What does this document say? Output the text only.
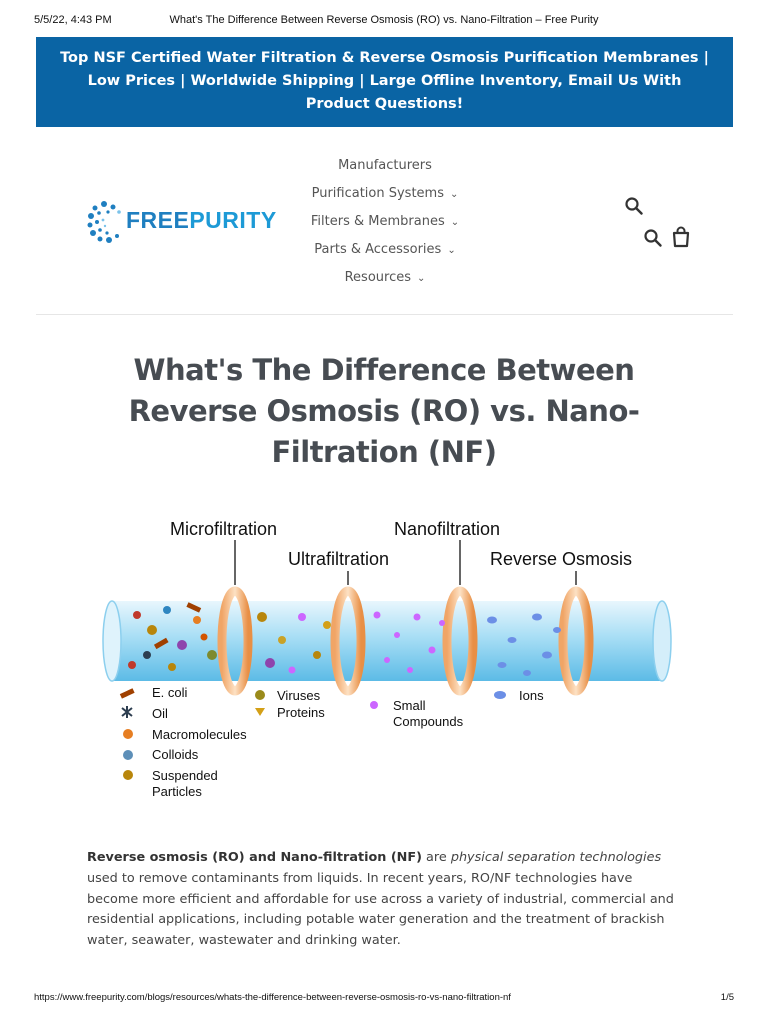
5/5/22, 4:43 PM	What's The Difference Between Reverse Osmosis (RO) vs. Nano-Filtration – Free Purity
Top NSF Certified Water Filtration & Reverse Osmosis Purification Membranes | Low Prices | Worldwide Shipping | Large Offline Inventory, Email Us With Product Questions!
FREEPURITY
Manufacturers
Purification Systems ⌄
Filters & Membranes ⌄
Parts & Accessories ⌄
Resources ⌄
What's The Difference Between Reverse Osmosis (RO) vs. Nano-Filtration (NF)
Microfiltration	Nanofiltration
Ultrafiltration	Reverse Osmosis
E. coli
Oil
Macromolecules
Colloids
Suspended
Particles
Viruses
Proteins	Small
Compounds
Ions

Reverse osmosis (RO) and Nano-filtration (NF) are physical separation technologies used to remove contaminants from liquids. In recent years, RO/NF technologies have become more efficient and affordable for use across a variety of industrial, commercial and residential applications, including potable water generation and the treatment of brackish water, seawater, wastewater and drinking water.

https://www.freepurity.com/blogs/resources/whats-the-difference-between-reverse-osmosis-ro-vs-nano-filtration-nf	1/5
